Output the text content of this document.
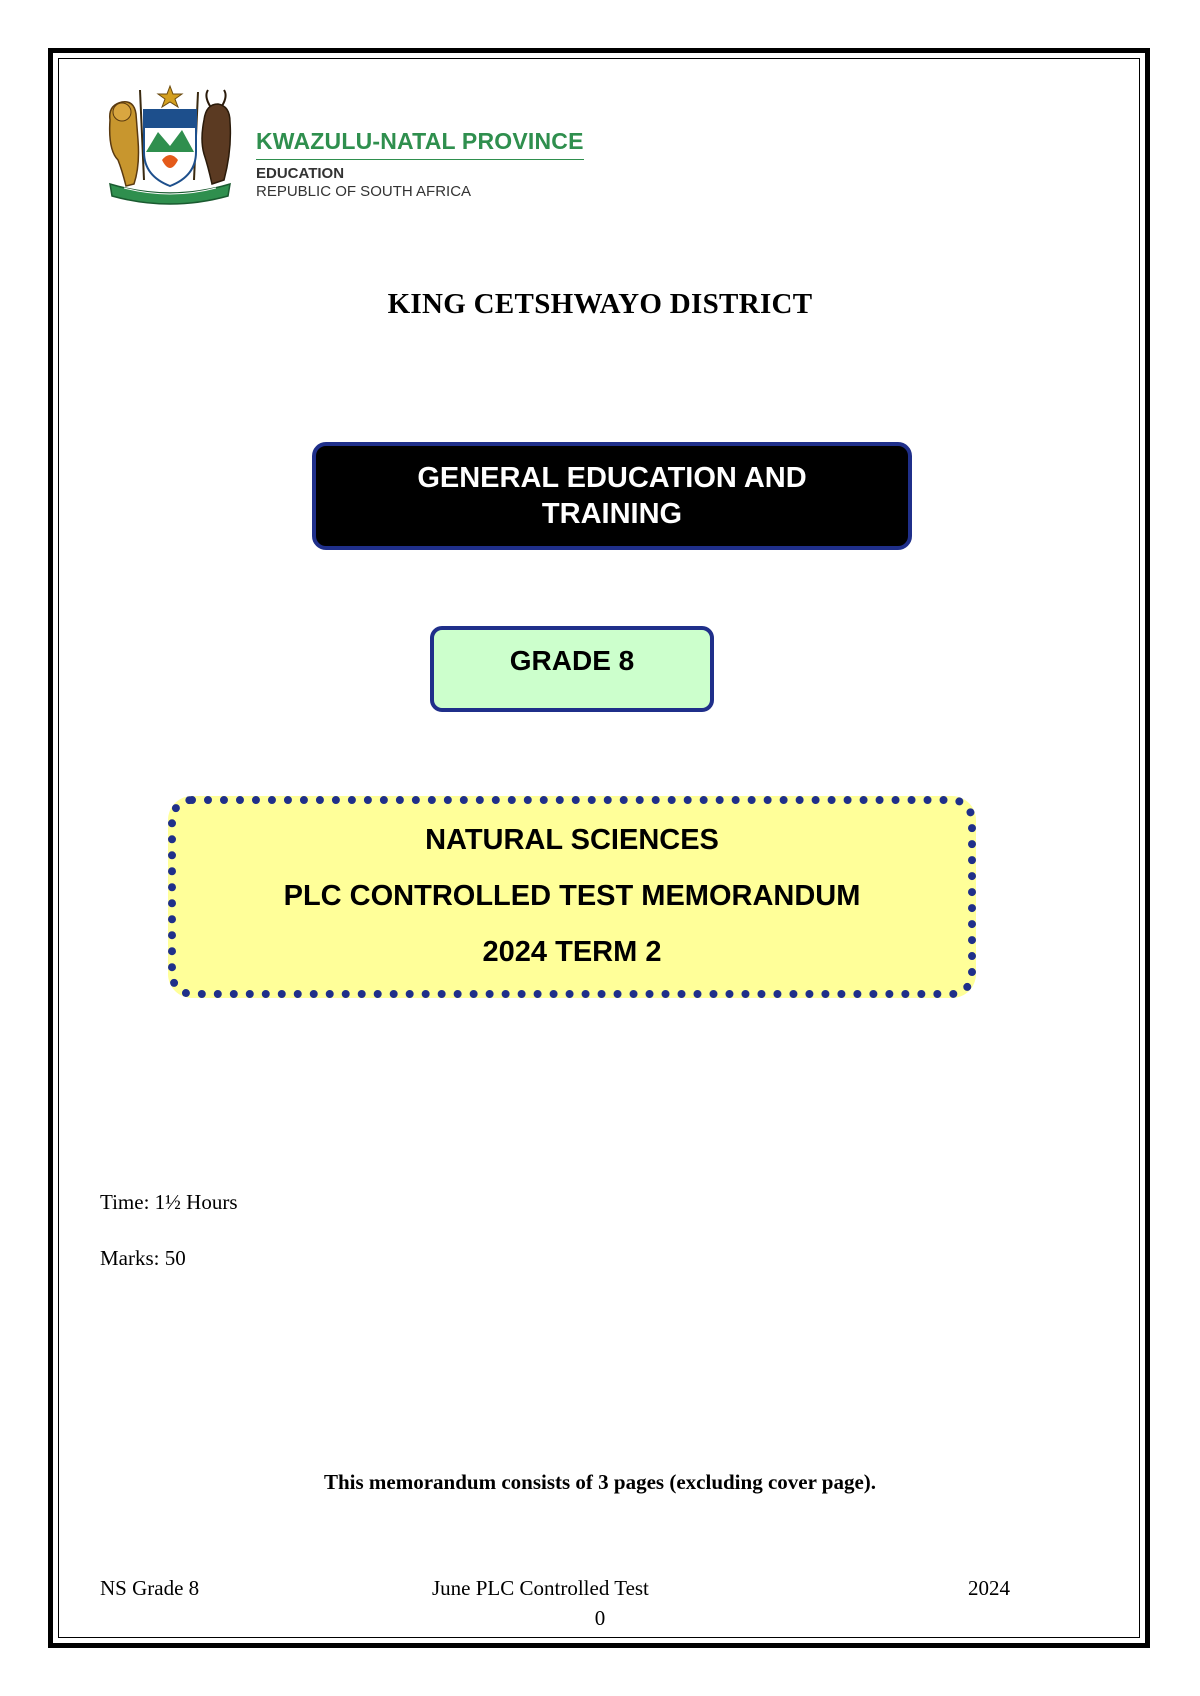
KWAZULU-NATAL PROVINCE
EDUCATION
REPUBLIC OF SOUTH AFRICA
KING CETSHWAYO DISTRICT
GENERAL EDUCATION AND TRAINING
GRADE 8
NATURAL SCIENCES
PLC CONTROLLED TEST MEMORANDUM
2024 TERM 2
Time: 1½ Hours
Marks: 50
This memorandum consists of 3 pages (excluding cover page).
NS Grade 8	June PLC Controlled Test	2024
0
